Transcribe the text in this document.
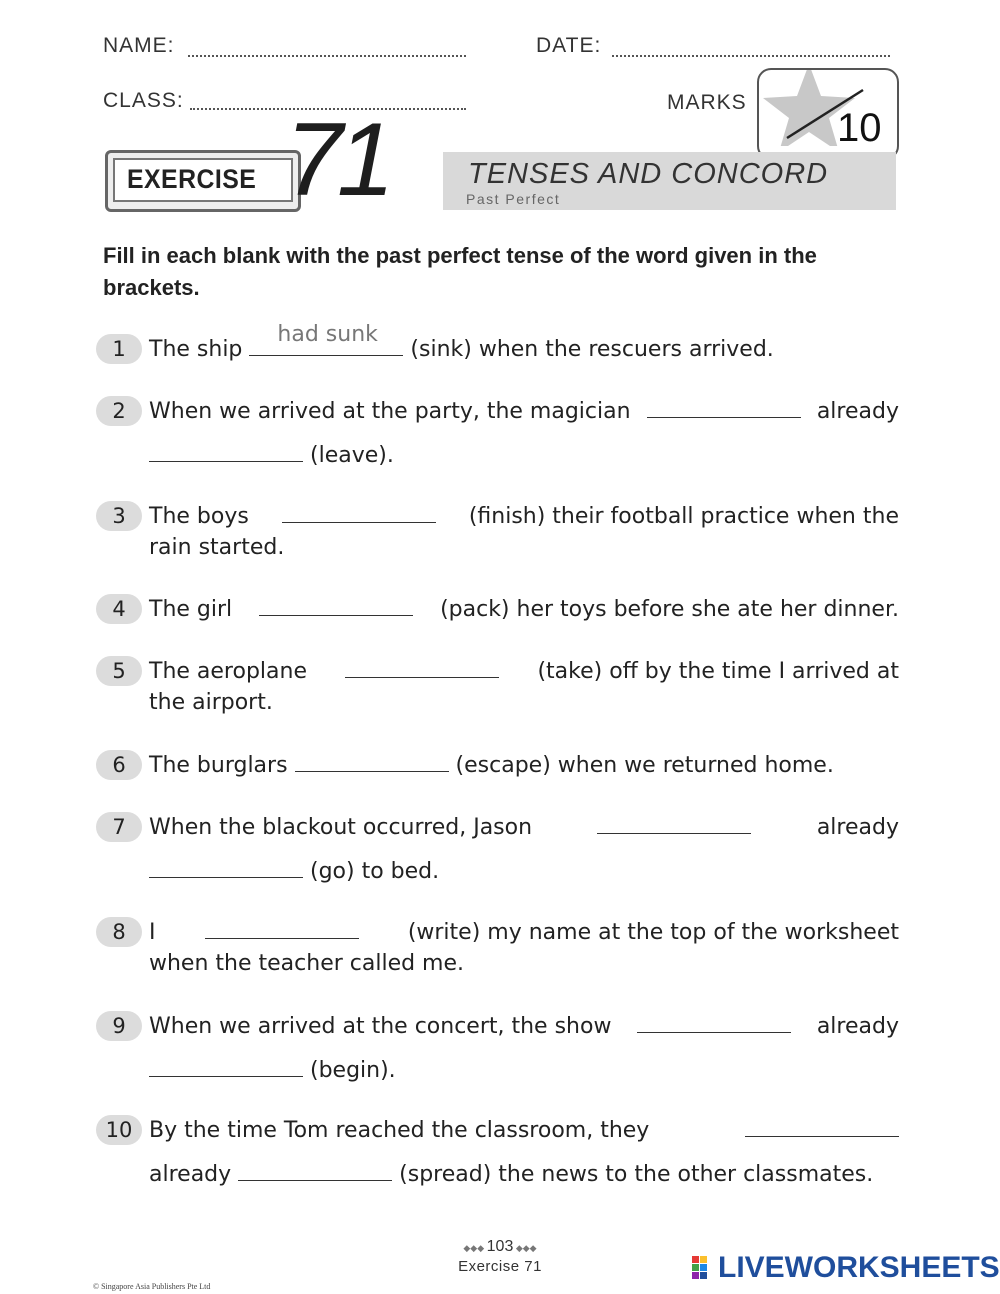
NAME:	DATE:
CLASS:	MARKS
10
EXERCISE 71	TENSES AND CONCORD
Past Perfect
Fill in each blank with the past perfect tense of the word given in the brackets.
1	The ship
had sunk
(sink) when the rescuers arrived.
2	When we arrived at the party, the magician	already
(leave).
3	The boys	(finish) their football practice when the
rain started.
4	The girl	(pack) her toys before she ate her dinner.
5	The aeroplane	(take) off by the time I arrived at
the airport.
6	The burglars	(escape) when we returned home.
7	When the blackout occurred, Jason	already
(go) to bed.
8	I	(write) my name at the top of the worksheet
when the teacher called me.
9	When we arrived at the concert, the show	already
(begin).
10 By the time Tom reached the classroom, they
already	(spread) the news to the other classmates.
◆◆◆ 103 ◆◆◆
Exercise 71
© Singapore Asia Publishers Pte Ltd
LIVEWORKSHEETS
